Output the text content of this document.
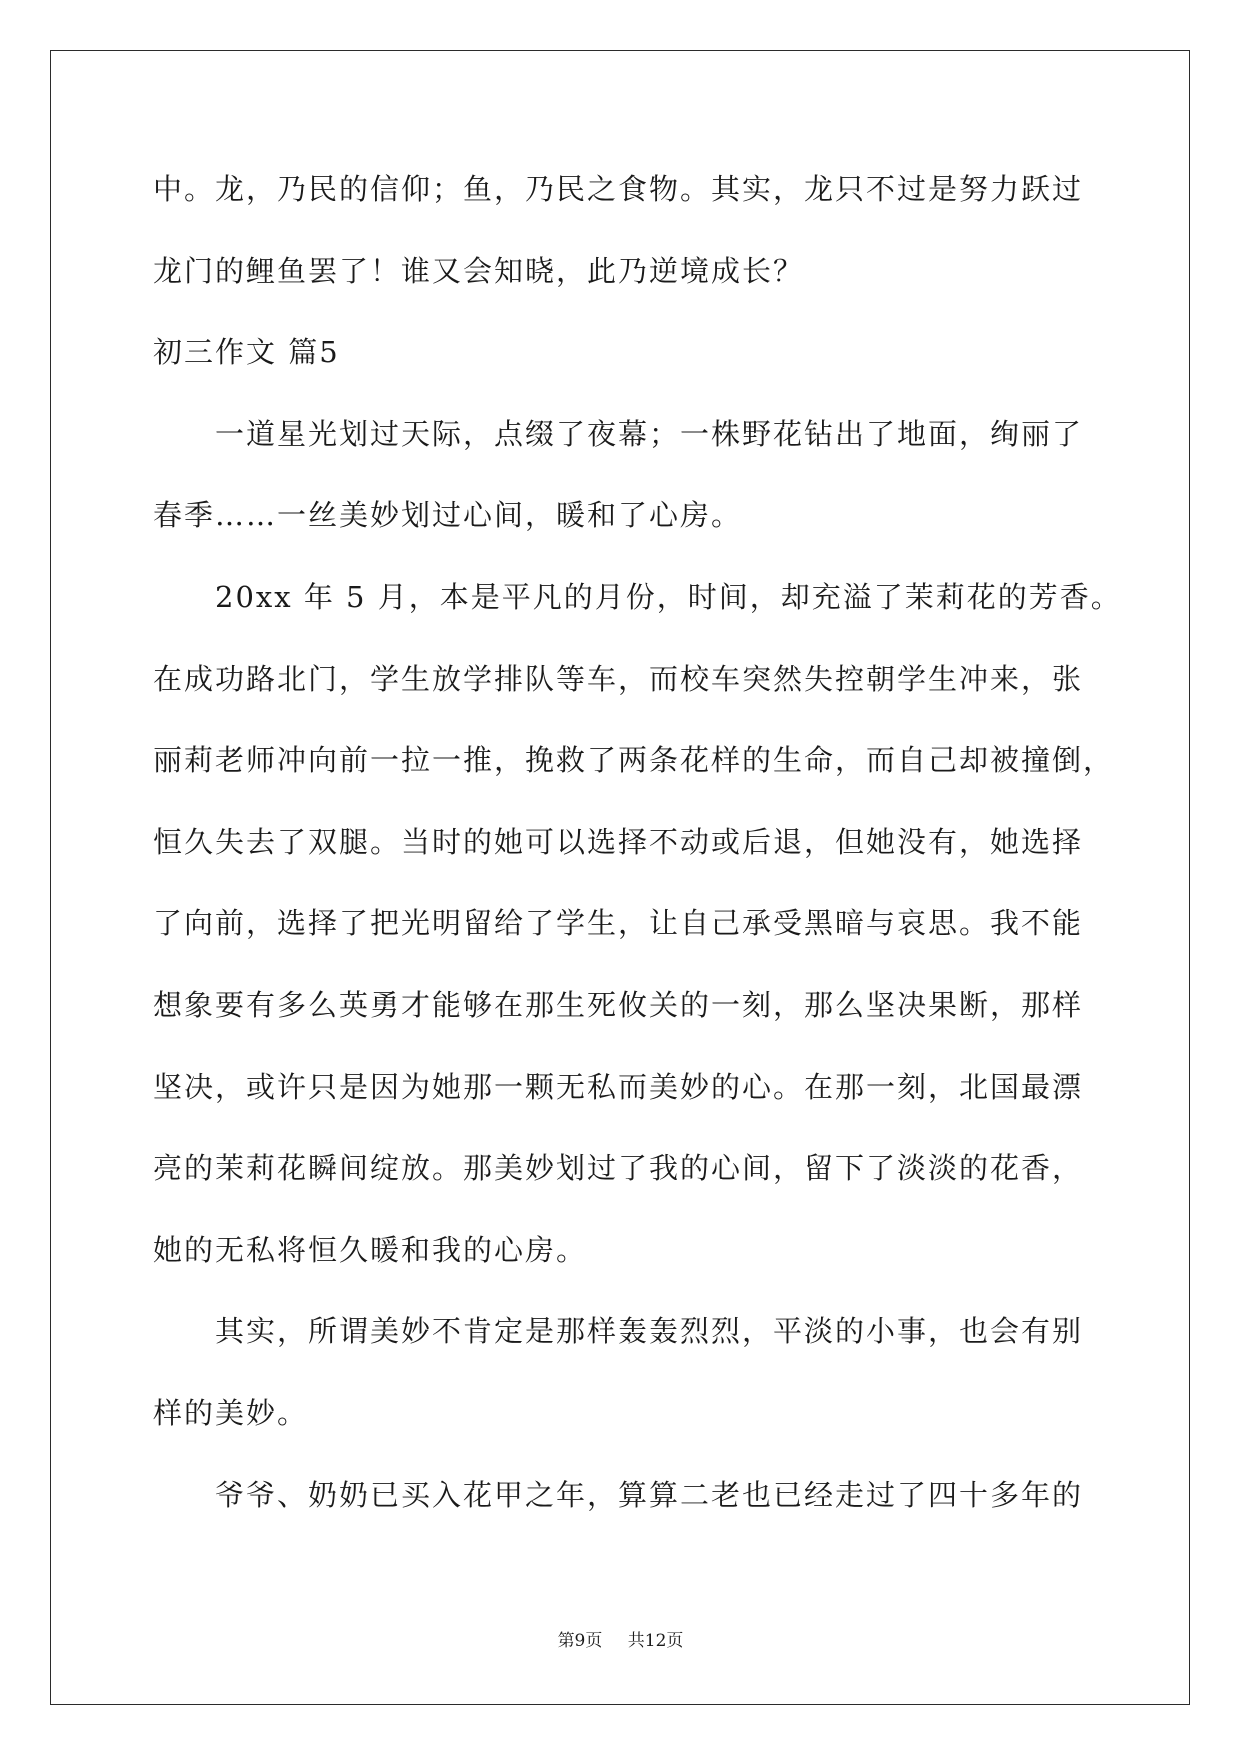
中。龙，乃民的信仰；鱼，乃民之食物。其实，龙只不过是努力跃过
龙门的鲤鱼罢了！谁又会知晓，此乃逆境成长？
初三作文 篇5
一道星光划过天际，点缀了夜幕；一株野花钻出了地面，绚丽了
春季……一丝美妙划过心间，暖和了心房。
20xx 年 5 月，本是平凡的月份，时间，却充溢了茉莉花的芳香。
在成功路北门，学生放学排队等车，而校车突然失控朝学生冲来，张
丽莉老师冲向前一拉一推，挽救了两条花样的生命，而自己却被撞倒，
恒久失去了双腿。当时的她可以选择不动或后退，但她没有，她选择
了向前，选择了把光明留给了学生，让自己承受黑暗与哀思。我不能
想象要有多么英勇才能够在那生死攸关的一刻，那么坚决果断，那样
坚决，或许只是因为她那一颗无私而美妙的心。在那一刻，北国最漂
亮的茉莉花瞬间绽放。那美妙划过了我的心间，留下了淡淡的花香，
她的无私将恒久暖和我的心房。
其实，所谓美妙不肯定是那样轰轰烈烈，平淡的小事，也会有别
样的美妙。
爷爷、奶奶已买入花甲之年，算算二老也已经走过了四十多年的
第9页 共12页
